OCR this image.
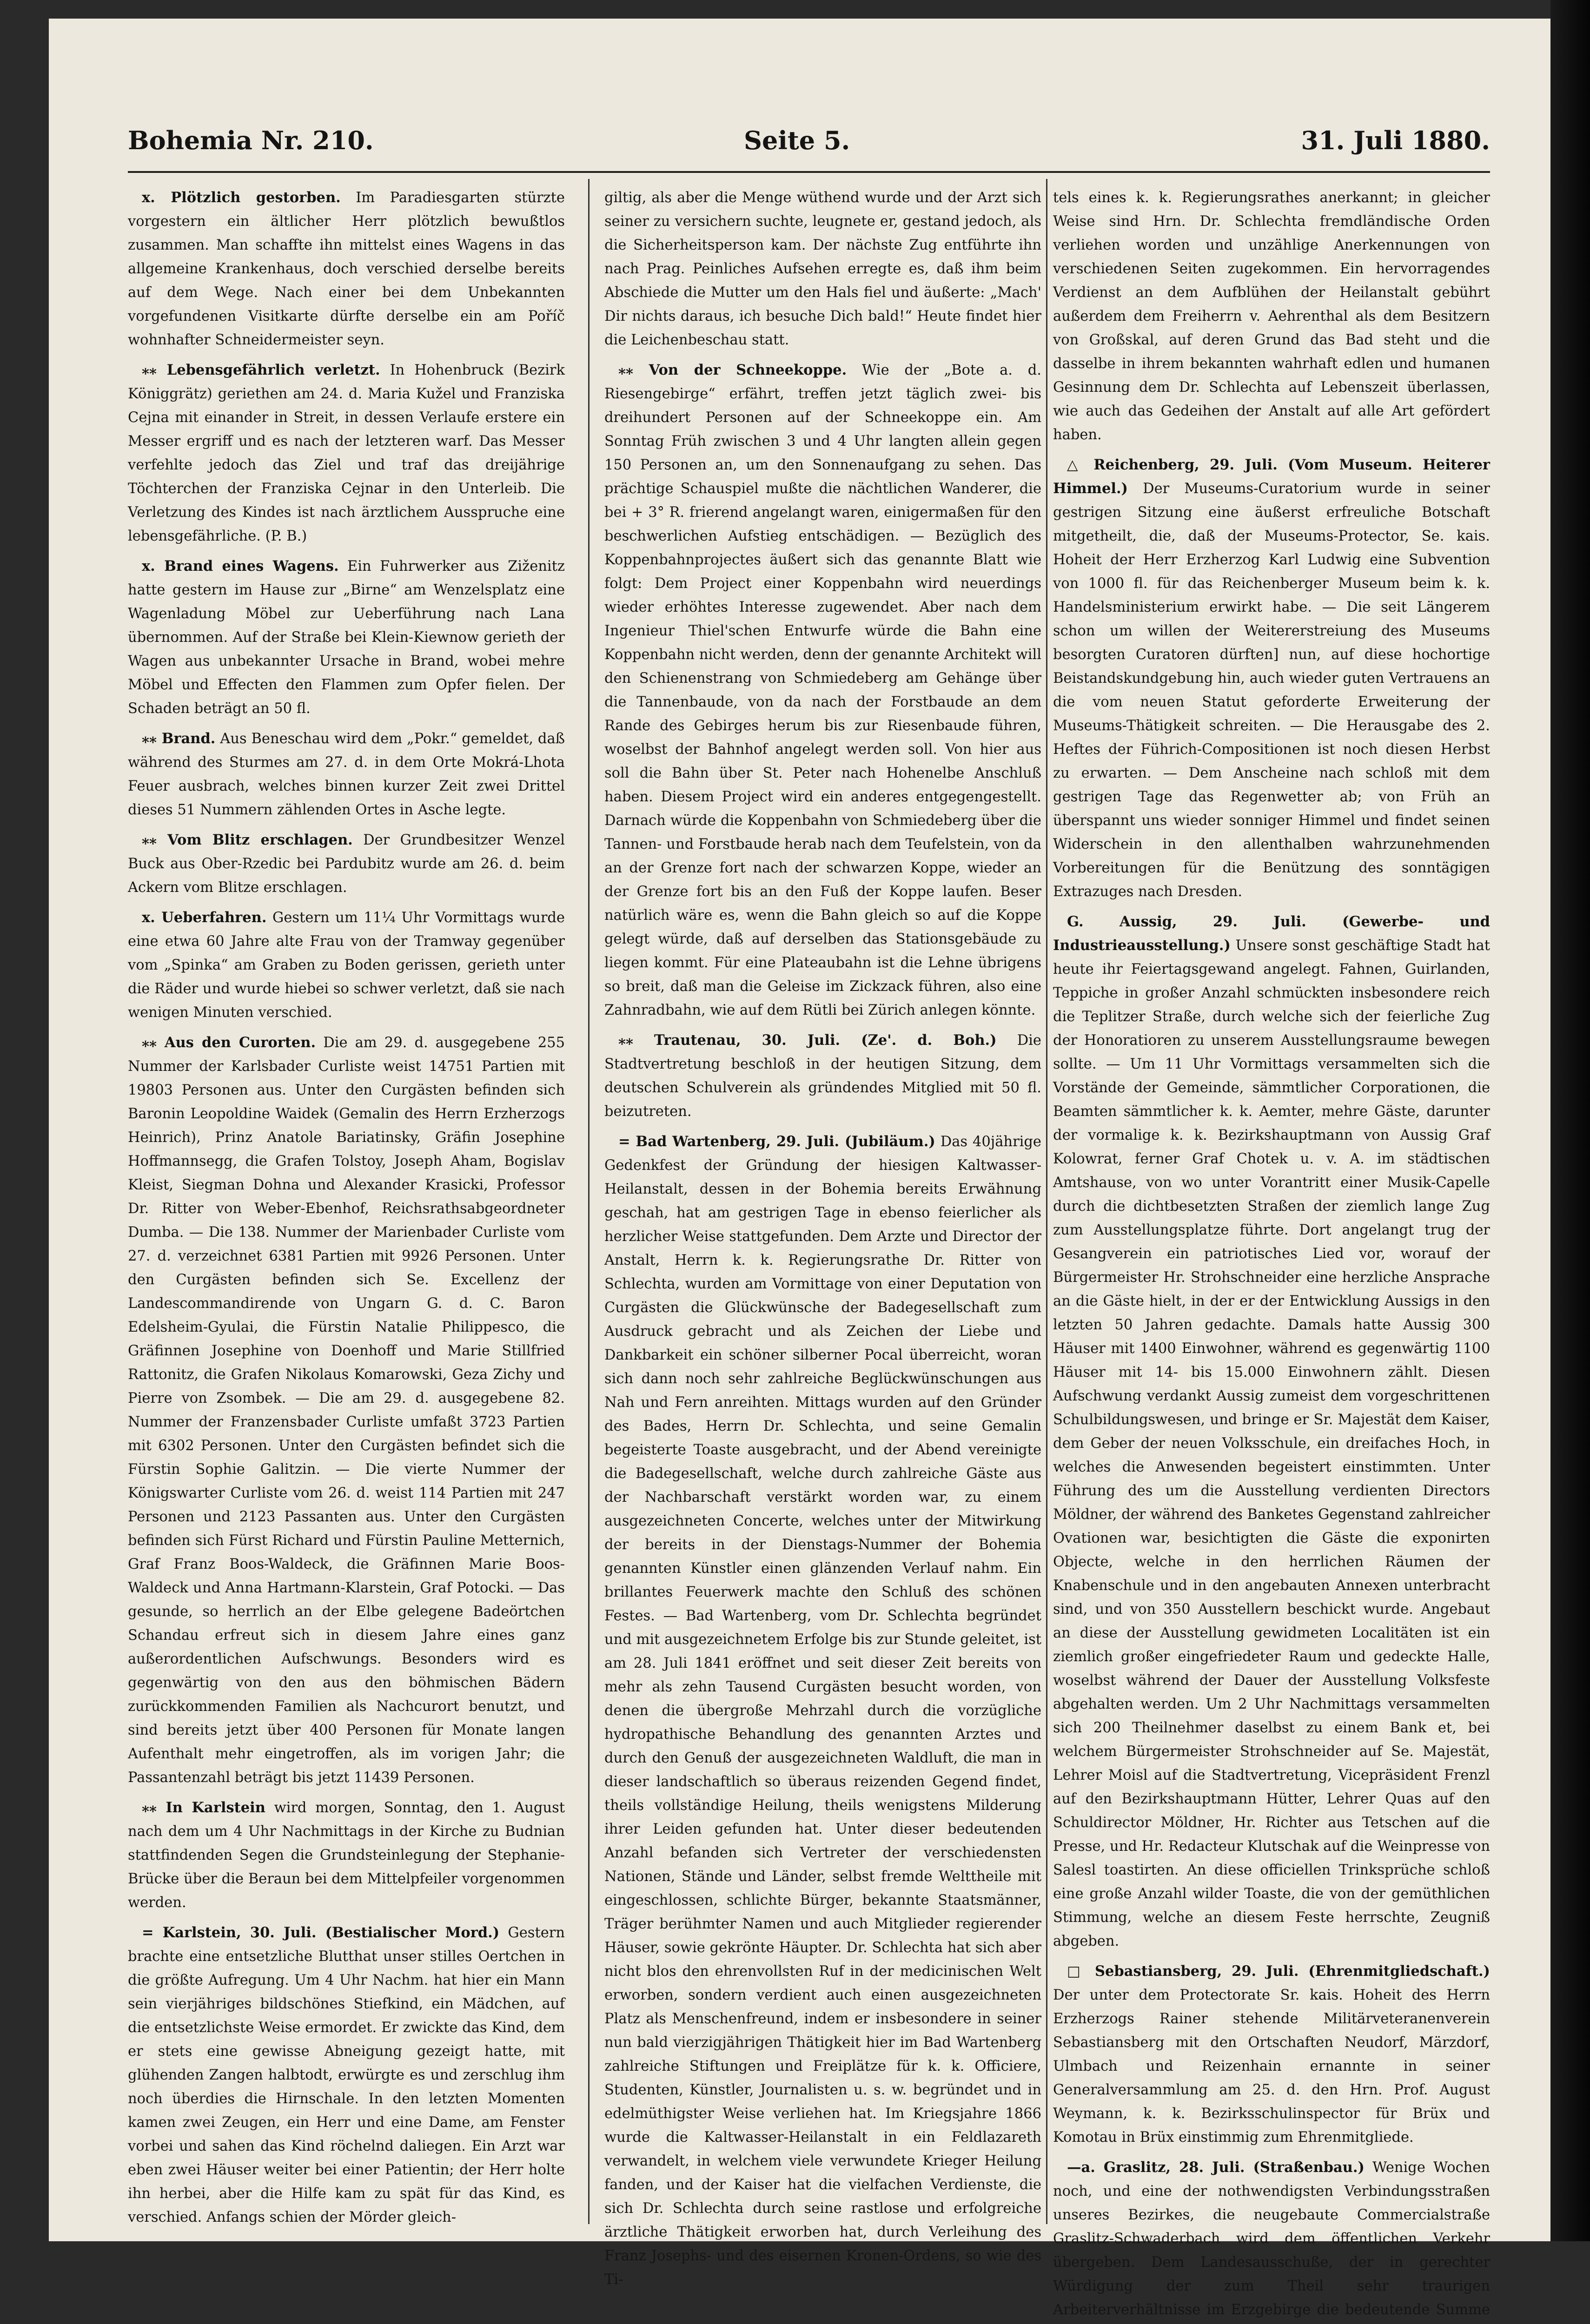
Bohemia Nr. 210.	Seite 5.	31. Juli 1880.

x. Plötzlich gestorben. Im Paradiesgarten stürzte vorgestern ein ältlicher Herr plötzlich bewußtlos zusammen. Man schaffte ihn mittelst eines Wagens in das allgemeine Krankenhaus, doch verschied derselbe bereits auf dem Wege. Nach einer bei dem Unbekannten vorgefundenen Visitkarte dürfte derselbe ein am Poříč wohnhafter Schneidermeister seyn.

⁎⁎ Lebensgefährlich verletzt. In Hohenbruck (Bezirk Königgrätz) geriethen am 24. d. Maria Kužel und Franziska Cejna mit einander in Streit, in dessen Verlaufe erstere ein Messer ergriff und es nach der letzteren warf. Das Messer verfehlte jedoch das Ziel und traf das dreijährige Töchterchen der Franziska Cejnar in den Unterleib. Die Verletzung des Kindes ist nach ärztlichem Ausspruche eine lebensgefährliche. (P. B.)

x. Brand eines Wagens. Ein Fuhrwerker aus Ziženitz hatte gestern im Hause zur „Birne“ am Wenzelsplatz eine Wagenladung Möbel zur Ueberführung nach Lana übernommen. Auf der Straße bei Klein-Kiewnow gerieth der Wagen aus unbekannter Ursache in Brand, wobei mehre Möbel und Effecten den Flammen zum Opfer fielen. Der Schaden beträgt an 50 fl.

⁎⁎ Brand. Aus Beneschau wird dem „Pokr.“ gemeldet, daß während des Sturmes am 27. d. in dem Orte Mokrá-Lhota Feuer ausbrach, welches binnen kurzer Zeit zwei Drittel dieses 51 Nummern zählenden Ortes in Asche legte.

⁎⁎ Vom Blitz erschlagen. Der Grundbesitzer Wenzel Buck aus Ober-Rzedic bei Pardubitz wurde am 26. d. beim Ackern vom Blitze erschlagen.

x. Ueberfahren. Gestern um 11¼ Uhr Vormittags wurde eine etwa 60 Jahre alte Frau von der Tramway gegenüber vom „Spinka“ am Graben zu Boden gerissen, gerieth unter die Räder und wurde hiebei so schwer verletzt, daß sie nach wenigen Minuten verschied.

⁎⁎ Aus den Curorten. Die am 29. d. ausgegebene 255 Nummer der Karlsbader Curliste weist 14751 Partien mit 19803 Personen aus. Unter den Curgästen befinden sich Baronin Leopoldine Waidek (Gemalin des Herrn Erzherzogs Heinrich), Prinz Anatole Bariatinsky, Gräfin Josephine Hoffmannsegg, die Grafen Tolstoy, Joseph Aham, Bogislav Kleist, Siegman Dohna und Alexander Krasicki, Professor Dr. Ritter von Weber-Ebenhof, Reichsrathsabgeordneter Dumba. — Die 138. Nummer der Marienbader Curliste vom 27. d. verzeichnet 6381 Partien mit 9926 Personen. Unter den Curgästen befinden sich Se. Excellenz der Landescommandirende von Ungarn G. d. C. Baron Edelsheim-Gyulai, die Fürstin Natalie Philippesco, die Gräfinnen Josephine von Doenhoff und Marie Stillfried Rattonitz, die Grafen Nikolaus Komarowski, Geza Zichy und Pierre von Zsombek. — Die am 29. d. ausgegebene 82. Nummer der Franzensbader Curliste umfaßt 3723 Partien mit 6302 Personen. Unter den Curgästen befindet sich die Fürstin Sophie Galitzin. — Die vierte Nummer der Königswarter Curliste vom 26. d. weist 114 Partien mit 247 Personen und 2123 Passanten aus. Unter den Curgästen befinden sich Fürst Richard und Fürstin Pauline Metternich, Graf Franz Boos-Waldeck, die Gräfinnen Marie Boos-Waldeck und Anna Hartmann-Klarstein, Graf Potocki. — Das gesunde, so herrlich an der Elbe gelegene Badeörtchen Schandau erfreut sich in diesem Jahre eines ganz außerordentlichen Aufschwungs. Besonders wird es gegenwärtig von den aus den böhmischen Bädern zurückkommenden Familien als Nachcurort benutzt, und sind bereits jetzt über 400 Personen für Monate langen Aufenthalt mehr eingetroffen, als im vorigen Jahr; die Passantenzahl beträgt bis jetzt 11439 Personen.

⁎⁎ In Karlstein wird morgen, Sonntag, den 1. August nach dem um 4 Uhr Nachmittags in der Kirche zu Budnian stattfindenden Segen die Grundsteinlegung der Stephanie-Brücke über die Beraun bei dem Mittelpfeiler vorgenommen werden.

= Karlstein, 30. Juli. (Bestialischer Mord.) Gestern brachte eine entsetzliche Blutthat unser stilles Oertchen in die größte Aufregung. Um 4 Uhr Nachm. hat hier ein Mann sein vierjähriges bildschönes Stiefkind, ein Mädchen, auf die entsetzlichste Weise ermordet. Er zwickte das Kind, dem er stets eine gewisse Abneigung gezeigt hatte, mit glühenden Zangen halbtodt, erwürgte es und zerschlug ihm noch überdies die Hirnschale. In den letzten Momenten kamen zwei Zeugen, ein Herr und eine Dame, am Fenster vorbei und sahen das Kind röchelnd daliegen. Ein Arzt war eben zwei Häuser weiter bei einer Patientin; der Herr holte ihn herbei, aber die Hilfe kam zu spät für das Kind, es verschied. Anfangs schien der Mörder gleich-

giltig, als aber die Menge wüthend wurde und der Arzt sich seiner zu versichern suchte, leugnete er, gestand jedoch, als die Sicherheitsperson kam. Der nächste Zug entführte ihn nach Prag. Peinliches Aufsehen erregte es, daß ihm beim Abschiede die Mutter um den Hals fiel und äußerte: „Mach' Dir nichts daraus, ich besuche Dich bald!“ Heute findet hier die Leichenbeschau statt.

⁎⁎ Von der Schneekoppe. Wie der „Bote a. d. Riesengebirge“ erfährt, treffen jetzt täglich zwei- bis dreihundert Personen auf der Schneekoppe ein. Am Sonntag Früh zwischen 3 und 4 Uhr langten allein gegen 150 Personen an, um den Sonnenaufgang zu sehen. Das prächtige Schauspiel mußte die nächtlichen Wanderer, die bei + 3° R. frierend angelangt waren, einigermaßen für den beschwerlichen Aufstieg entschädigen. — Bezüglich des Koppenbahnprojectes äußert sich das genannte Blatt wie folgt: Dem Project einer Koppenbahn wird neuerdings wieder erhöhtes Interesse zugewendet. Aber nach dem Ingenieur Thiel'schen Entwurfe würde die Bahn eine Koppenbahn nicht werden, denn der genannte Architekt will den Schienenstrang von Schmiedeberg am Gehänge über die Tannenbaude, von da nach der Forstbaude an dem Rande des Gebirges herum bis zur Riesenbaude führen, woselbst der Bahnhof angelegt werden soll. Von hier aus soll die Bahn über St. Peter nach Hohenelbe Anschluß haben. Diesem Project wird ein anderes entgegengestellt. Darnach würde die Koppenbahn von Schmiedeberg über die Tannen- und Forstbaude herab nach dem Teufelstein, von da an der Grenze fort nach der schwarzen Koppe, wieder an der Grenze fort bis an den Fuß der Koppe laufen. Beser natürlich wäre es, wenn die Bahn gleich so auf die Koppe gelegt würde, daß auf derselben das Stationsgebäude zu liegen kommt. Für eine Plateaubahn ist die Lehne übrigens so breit, daß man die Geleise im Zickzack führen, also eine Zahnradbahn, wie auf dem Rütli bei Zürich anlegen könnte.

⁎⁎ Trautenau, 30. Juli. (Ze'. d. Boh.) Die Stadtvertretung beschloß in der heutigen Sitzung, dem deutschen Schulverein als gründendes Mitglied mit 50 fl. beizutreten.

= Bad Wartenberg, 29. Juli. (Jubiläum.) Das 40jährige Gedenkfest der Gründung der hiesigen Kaltwasser-Heilanstalt, dessen in der Bohemia bereits Erwähnung geschah, hat am gestrigen Tage in ebenso feierlicher als herzlicher Weise stattgefunden. Dem Arzte und Director der Anstalt, Herrn k. k. Regierungsrathe Dr. Ritter von Schlechta, wurden am Vormittage von einer Deputation von Curgästen die Glückwünsche der Badegesellschaft zum Ausdruck gebracht und als Zeichen der Liebe und Dankbarkeit ein schöner silberner Pocal überreicht, woran sich dann noch sehr zahlreiche Beglückwünschungen aus Nah und Fern anreihten. Mittags wurden auf den Gründer des Bades, Herrn Dr. Schlechta, und seine Gemalin begeisterte Toaste ausgebracht, und der Abend vereinigte die Badegesellschaft, welche durch zahlreiche Gäste aus der Nachbarschaft verstärkt worden war, zu einem ausgezeichneten Concerte, welches unter der Mitwirkung der bereits in der Dienstags-Nummer der Bohemia genannten Künstler einen glänzenden Verlauf nahm. Ein brillantes Feuerwerk machte den Schluß des schönen Festes. — Bad Wartenberg, vom Dr. Schlechta begründet und mit ausgezeichnetem Erfolge bis zur Stunde geleitet, ist am 28. Juli 1841 eröffnet und seit dieser Zeit bereits von mehr als zehn Tausend Curgästen besucht worden, von denen die übergroße Mehrzahl durch die vorzügliche hydropathische Behandlung des genannten Arztes und durch den Genuß der ausgezeichneten Waldluft, die man in dieser landschaftlich so überaus reizenden Gegend findet, theils vollständige Heilung, theils wenigstens Milderung ihrer Leiden gefunden hat. Unter dieser bedeutenden Anzahl befanden sich Vertreter der verschiedensten Nationen, Stände und Länder, selbst fremde Welttheile mit eingeschlossen, schlichte Bürger, bekannte Staatsmänner, Träger berühmter Namen und auch Mitglieder regierender Häuser, sowie gekrönte Häupter. Dr. Schlechta hat sich aber nicht blos den ehrenvollsten Ruf in der medicinischen Welt erworben, sondern verdient auch einen ausgezeichneten Platz als Menschenfreund, indem er insbesondere in seiner nun bald vierzigjährigen Thätigkeit hier im Bad Wartenberg zahlreiche Stiftungen und Freiplätze für k. k. Officiere, Studenten, Künstler, Journalisten u. s. w. begründet und in edelmüthigster Weise verliehen hat. Im Kriegsjahre 1866 wurde die Kaltwasser-Heilanstalt in ein Feldlazareth verwandelt, in welchem viele verwundete Krieger Heilung fanden, und der Kaiser hat die vielfachen Verdienste, die sich Dr. Schlechta durch seine rastlose und erfolgreiche ärztliche Thätigkeit erworben hat, durch Verleihung des Franz Josephs- und des eisernen Kronen-Ordens, so wie des Ti-

tels eines k. k. Regierungsrathes anerkannt; in gleicher Weise sind Hrn. Dr. Schlechta fremdländische Orden verliehen worden und unzählige Anerkennungen von verschiedenen Seiten zugekommen. Ein hervorragendes Verdienst an dem Aufblühen der Heilanstalt gebührt außerdem dem Freiherrn v. Aehrenthal als dem Besitzern von Großskal, auf deren Grund das Bad steht und die dasselbe in ihrem bekannten wahrhaft edlen und humanen Gesinnung dem Dr. Schlechta auf Lebenszeit überlassen, wie auch das Gedeihen der Anstalt auf alle Art gefördert haben.

△ Reichenberg, 29. Juli. (Vom Museum. Heiterer Himmel.) Der Museums-Curatorium wurde in seiner gestrigen Sitzung eine äußerst erfreuliche Botschaft mitgetheilt, die, daß der Museums-Protector, Se. kais. Hoheit der Herr Erzherzog Karl Ludwig eine Subvention von 1000 fl. für das Reichenberger Museum beim k. k. Handelsministerium erwirkt habe. — Die seit Längerem schon um willen der Weitererstreiung des Museums besorgten Curatoren dürften] nun, auf diese hochortige Beistandskundgebung hin, auch wieder guten Vertrauens an die vom neuen Statut geforderte Erweiterung der Museums-Thätigkeit schreiten. — Die Herausgabe des 2. Heftes der Führich-Compositionen ist noch diesen Herbst zu erwarten. — Dem Anscheine nach schloß mit dem gestrigen Tage das Regenwetter ab; von Früh an überspannt uns wieder sonniger Himmel und findet seinen Widerschein in den allenthalben wahrzunehmenden Vorbereitungen für die Benützung des sonntägigen Extrazuges nach Dresden.

G. Aussig, 29. Juli. (Gewerbe- und Industrieausstellung.) Unsere sonst geschäftige Stadt hat heute ihr Feiertagsgewand angelegt. Fahnen, Guirlanden, Teppiche in großer Anzahl schmückten insbesondere reich die Teplitzer Straße, durch welche sich der feierliche Zug der Honoratioren zu unserem Ausstellungsraume bewegen sollte. — Um 11 Uhr Vormittags versammelten sich die Vorstände der Gemeinde, sämmtlicher Corporationen, die Beamten sämmtlicher k. k. Aemter, mehre Gäste, darunter der vormalige k. k. Bezirkshauptmann von Aussig Graf Kolowrat, ferner Graf Chotek u. v. A. im städtischen Amtshause, von wo unter Vorantritt einer Musik-Capelle durch die dichtbesetzten Straßen der ziemlich lange Zug zum Ausstellungsplatze führte. Dort angelangt trug der Gesangverein ein patriotisches Lied vor, worauf der Bürgermeister Hr. Strohschneider eine herzliche Ansprache an die Gäste hielt, in der er der Entwicklung Aussigs in den letzten 50 Jahren gedachte. Damals hatte Aussig 300 Häuser mit 1400 Einwohner, während es gegenwärtig 1100 Häuser mit 14- bis 15.000 Einwohnern zählt. Diesen Aufschwung verdankt Aussig zumeist dem vorgeschrittenen Schulbildungswesen, und bringe er Sr. Majestät dem Kaiser, dem Geber der neuen Volksschule, ein dreifaches Hoch, in welches die Anwesenden begeistert einstimmten. Unter Führung des um die Ausstellung verdienten Directors Möldner, der während des Banketes Gegenstand zahlreicher Ovationen war, besichtigten die Gäste die exponirten Objecte, welche in den herrlichen Räumen der Knabenschule und in den angebauten Annexen unterbracht sind, und von 350 Ausstellern beschickt wurde. Angebaut an diese der Ausstellung gewidmeten Localitäten ist ein ziemlich großer eingefriedeter Raum und gedeckte Halle, woselbst während der Dauer der Ausstellung Volksfeste abgehalten werden. Um 2 Uhr Nachmittags versammelten sich 200 Theilnehmer daselbst zu einem Bank et, bei welchem Bürgermeister Strohschneider auf Se. Majestät, Lehrer Moisl auf die Stadtvertretung, Vicepräsident Frenzl auf den Bezirkshauptmann Hütter, Lehrer Quas auf den Schuldirector Möldner, Hr. Richter aus Tetschen auf die Presse, und Hr. Redacteur Klutschak auf die Weinpresse von Salesl toastirten. An diese officiellen Trinksprüche schloß eine große Anzahl wilder Toaste, die von der gemüthlichen Stimmung, welche an diesem Feste herrschte, Zeugniß abgeben.

□ Sebastiansberg, 29. Juli. (Ehrenmitgliedschaft.) Der unter dem Protectorate Sr. kais. Hoheit des Herrn Erzherzogs Rainer stehende Militärveteranenverein Sebastiansberg mit den Ortschaften Neudorf, Märzdorf, Ulmbach und Reizenhain ernannte in seiner Generalversammlung am 25. d. den Hrn. Prof. August Weymann, k. k. Bezirksschulinspector für Brüx und Komotau in Brüx einstimmig zum Ehrenmitgliede.

—a. Graslitz, 28. Juli. (Straßenbau.) Wenige Wochen noch, und eine der nothwendigsten Verbindungsstraßen unseres Bezirkes, die neugebaute Commercialstraße Graslitz-Schwaderbach wird dem öffentlichen Verkehr übergeben. Dem Landesausschuße, der in gerechter Würdigung der zum Theil sehr traurigen Arbeiterverhältnisse im Erzgebirge die bedeutende Summe
